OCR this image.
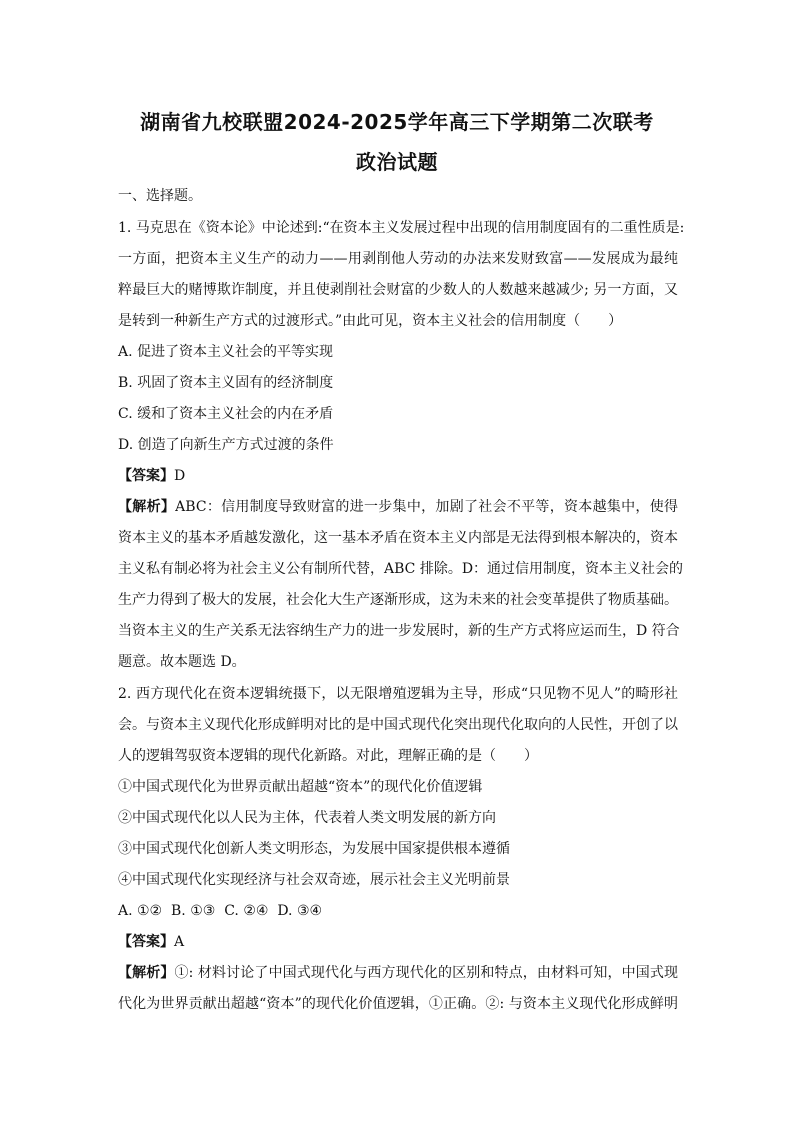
湖南省九校联盟2024-2025学年高三下学期第二次联考
政治试题
一、选择题。
1. 马克思在《资本论》中论述到:“在资本主义发展过程中出现的信用制度固有的二重性质是:
一方面，把资本主义生产的动力——用剥削他人劳动的办法来发财致富——发展成为最纯
粹最巨大的赌博欺诈制度，并且使剥削社会财富的少数人的人数越来越减少; 另一方面，又
是转到一种新生产方式的过渡形式。”由此可见，资本主义社会的信用制度（　　）
A. 促进了资本主义社会的平等实现
B. 巩固了资本主义固有的经济制度
C. 缓和了资本主义社会的内在矛盾
D. 创造了向新生产方式过渡的条件
【答案】D
【解析】ABC：信用制度导致财富的进一步集中，加剧了社会不平等，资本越集中，使得
资本主义的基本矛盾越发激化，这一基本矛盾在资本主义内部是无法得到根本解决的，资本
主义私有制必将为社会主义公有制所代替，ABC 排除。D：通过信用制度，资本主义社会的
生产力得到了极大的发展，社会化大生产逐渐形成，这为未来的社会变革提供了物质基础。
当资本主义的生产关系无法容纳生产力的进一步发展时，新的生产方式将应运而生，D 符合
题意。故本题选 D。
2. 西方现代化在资本逻辑统摄下，以无限增殖逻辑为主导，形成“只见物不见人”的畸形社
会。与资本主义现代化形成鲜明对比的是中国式现代化突出现代化取向的人民性，开创了以
人的逻辑驾驭资本逻辑的现代化新路。对此，理解正确的是（　　）
①中国式现代化为世界贡献出超越“资本”的现代化价值逻辑
②中国式现代化以人民为主体，代表着人类文明发展的新方向
③中国式现代化创新人类文明形态，为发展中国家提供根本遵循
④中国式现代化实现经济与社会双奇迹，展示社会主义光明前景
A. ①②  B. ①③  C. ②④  D. ③④
【答案】A
【解析】①: 材料讨论了中国式现代化与西方现代化的区别和特点，由材料可知，中国式现
代化为世界贡献出超越“资本”的现代化价值逻辑，①正确。②: 与资本主义现代化形成鲜明
